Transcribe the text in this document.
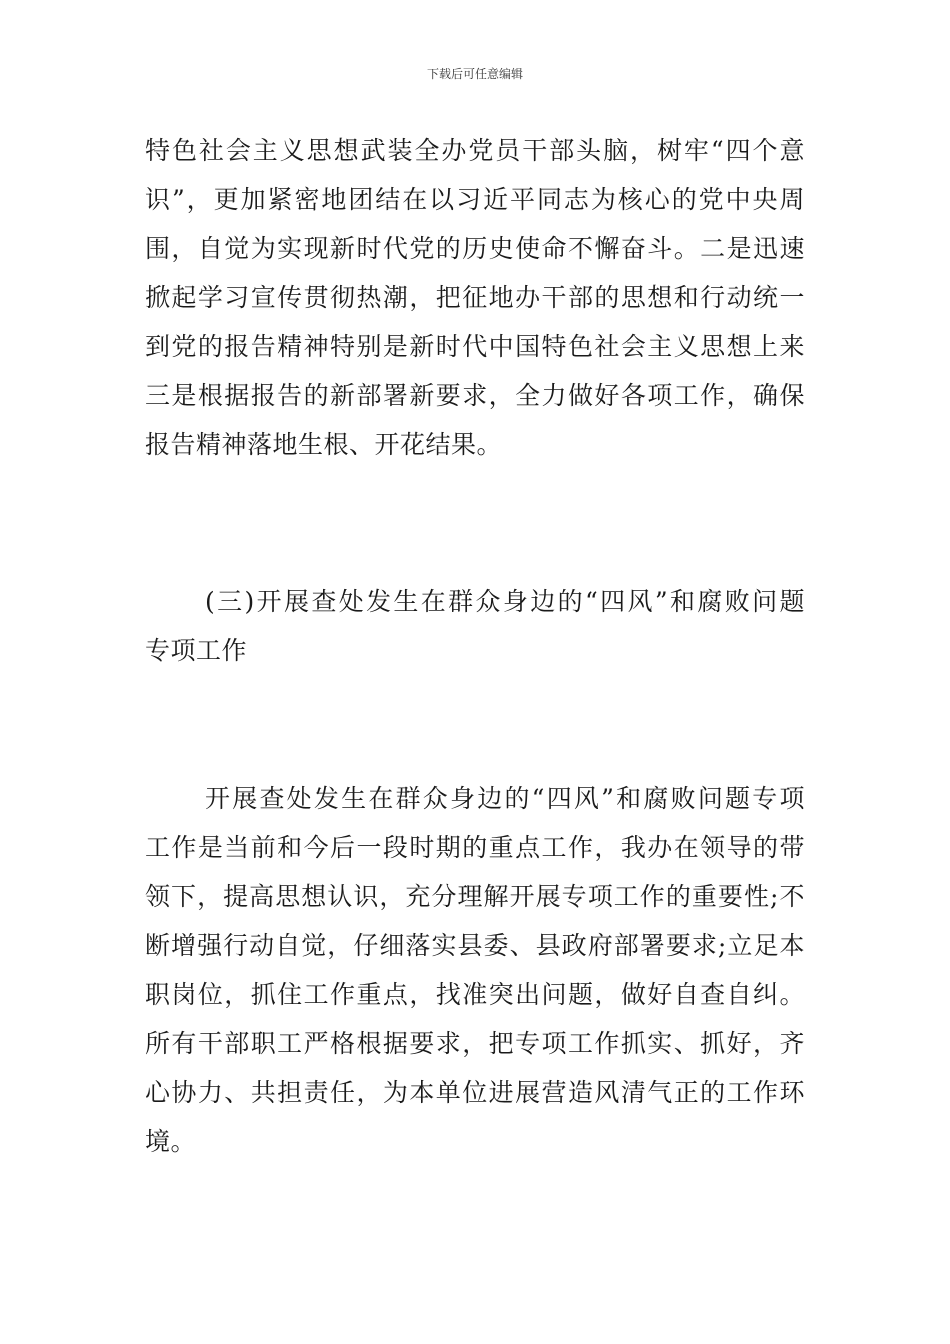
下载后可任意编辑
特色社会主义思想武装全办党员干部头脑，树牢“四个意
识”，更加紧密地团结在以习近平同志为核心的党中央周
围，自觉为实现新时代党的历史使命不懈奋斗。二是迅速
掀起学习宣传贯彻热潮，把征地办干部的思想和行动统一
到党的报告精神特别是新时代中国特色社会主义思想上来
三是根据报告的新部署新要求，全力做好各项工作，确保
报告精神落地生根、开花结果。
(三)开展查处发生在群众身边的“四风”和腐败问题
专项工作
开展查处发生在群众身边的“四风”和腐败问题专项
工作是当前和今后一段时期的重点工作，我办在领导的带
领下，提高思想认识，充分理解开展专项工作的重要性;不
断增强行动自觉，仔细落实县委、县政府部署要求;立足本
职岗位，抓住工作重点，找准突出问题，做好自查自纠。
所有干部职工严格根据要求，把专项工作抓实、抓好，齐
心协力、共担责任，为本单位进展营造风清气正的工作环
境。
